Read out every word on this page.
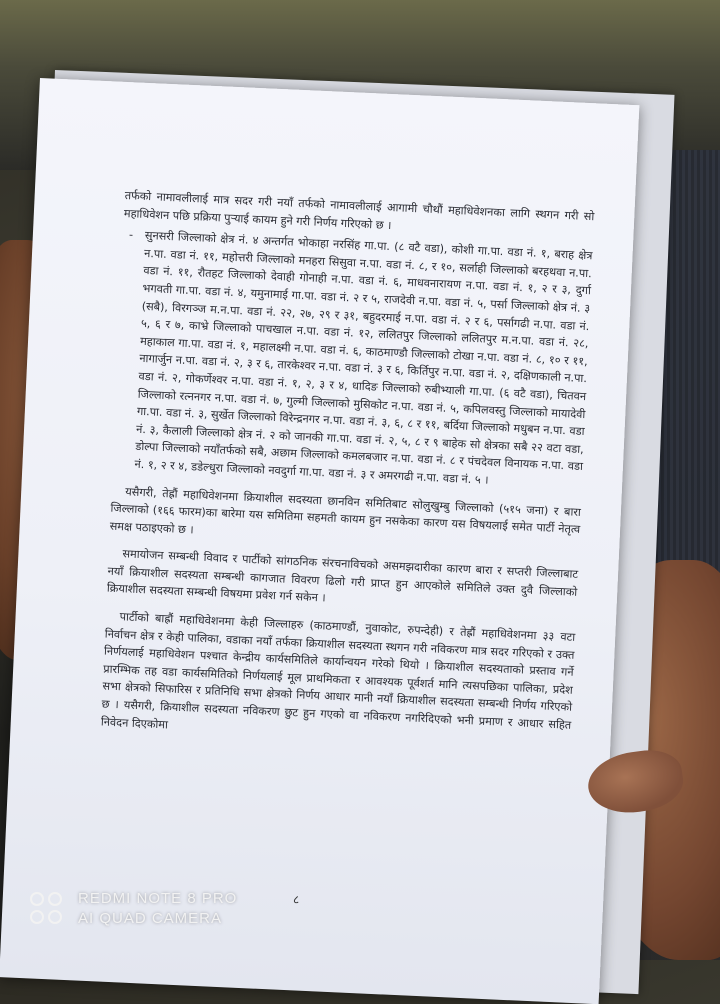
तर्फको नामावलीलाई मात्र सदर गरी नयाँ तर्फको नामावलीलाई आगामी चौथौं महाधिवेशनका लागि स्थगन गरी सो महाधिवेशन पछि प्रक्रिया पुऱ्याई कायम हुने गरी निर्णय गरिएको छ ।

- सुनसरी जिल्लाको क्षेत्र नं. ४ अन्तर्गत भोकाहा नरसिंह गा.पा. (८ वटै वडा), कोशी गा.पा. वडा नं. १, बराह क्षेत्र न.पा. वडा नं. ११, महोत्तरी जिल्लाको मनहरा सिसुवा न.पा. वडा नं. ८, र १०, सर्लाही जिल्लाको बरहथवा न.पा. वडा नं. ११, रौतहट जिल्लाको देवाही गोनाही न.पा. वडा नं. ६, माधवनारायण न.पा. वडा नं. १, २ र ३, दुर्गा भगवती गा.पा. वडा नं. ४, यमुनामाई गा.पा. वडा नं. २ र ५, राजदेवी न.पा. वडा नं. ५, पर्सा जिल्लाको क्षेत्र नं. ३ (सबै), विरगञ्ज म.न.पा. वडा नं. २२, २७, २९ र ३१, बहुदरमाई न.पा. वडा नं. २ र ६, पर्सागढी न.पा. वडा नं. ५, ६ र ७, काभ्रे जिल्लाको पाचखाल न.पा. वडा नं. १२, ललितपुर जिल्लाको ललितपुर म.न.पा. वडा नं. २८, महाकाल गा.पा. वडा नं. १, महालक्ष्मी न.पा. वडा नं. ६, काठमाण्डौ जिल्लाको टोखा न.पा. वडा नं. ८, १० र ११, नागार्जुन न.पा. वडा नं. २, ३ र ६, तारकेश्वर न.पा. वडा नं. ३ र ६, किर्तिपुर न.पा. वडा नं. २, दक्षिणकाली न.पा. वडा नं. २, गोकर्णेश्वर न.पा. वडा नं. १, २, ३ र ४, धादिङ जिल्लाको रुबीभ्याली गा.पा. (६ वटै वडा), चितवन जिल्लाको रत्ननगर न.पा. वडा नं. ७, गुल्मी जिल्लाको मुसिकोट न.पा. वडा नं. ५, कपिलवस्तु जिल्लाको मायादेवी गा.पा. वडा नं. ३, सुर्खेत जिल्लाको विरेन्द्रनगर न.पा. वडा नं. ३, ६, ८ र ११, बर्दिया जिल्लाको मधुबन न.पा. वडा नं. ३, कैलाली जिल्लाको क्षेत्र नं. २ को जानकी गा.पा. वडा नं. २, ५, ८ र ९ बाहेक सो क्षेत्रका सबै २२ वटा वडा, डोल्पा जिल्लाको नयाँतर्फको सबै, अछाम जिल्लाको कमलबजार न.पा. वडा नं. ८ र पंचदेवल विनायक न.पा. वडा नं. १, २ र ४, डडेल्धुरा जिल्लाको नवदुर्गा गा.पा. वडा नं. ३ र अमरगढी न.पा. वडा नं. ५ ।

यसैगरी, तेह्रौं महाधिवेशनमा क्रियाशील सदस्यता छानविन समितिबाट सोलुखुम्बु जिल्लाको (५१५ जना) र बारा जिल्लाको (१६६ फारम)का बारेमा यस समितिमा सहमती कायम हुन नसकेका कारण यस विषयलाई समेत पार्टी नेतृत्व समक्ष पठाइएको छ ।

समायोजन सम्बन्धी विवाद र पार्टीको सांगठनिक संरचनाविचको असमझदारीका कारण बारा र सप्तरी जिल्लाबाट नयाँ क्रियाशील सदस्यता सम्बन्धी कागजात विवरण ढिलो गरी प्राप्त हुन आएकोले समितिले उक्त दुवै जिल्लाको क्रियाशील सदस्यता सम्बन्धी विषयमा प्रवेश गर्न सकेन ।

पार्टीको बाह्रौं महाधिवेशनमा केही जिल्लाहरु (काठमाण्डौं, नुवाकोट, रुपन्देही) र तेह्रौं महाधिवेशनमा ३३ वटा निर्वाचन क्षेत्र र केही पालिका, वडाका नयाँ तर्फका क्रियाशील सदस्यता स्थगन गरी नविकरण मात्र सदर गरिएको र उक्त निर्णयलाई महाधिवेशन पश्चात केन्द्रीय कार्यसमितिले कार्यान्वयन गरेको थियो । क्रियाशील सदस्यताको प्रस्ताव गर्ने प्रारम्भिक तह वडा कार्यसमितिको निर्णयलाई मूल प्राथमिकता र आवश्यक पूर्वशर्त मानि त्यसपछिका पालिका, प्रदेश सभा क्षेत्रको सिफारिस र प्रतिनिधि सभा क्षेत्रको निर्णय आधार मानी नयाँ क्रियाशील सदस्यता सम्बन्धी निर्णय गरिएको छ । यसैगरी, क्रियाशील सदस्यता नविकरण छुट हुन गएको वा नविकरण नगरिदिएको भनी प्रमाण र आधार सहित निवेदन दिएकोमा

८
REDMI NOTE 8 PRO
AI QUAD CAMERA
